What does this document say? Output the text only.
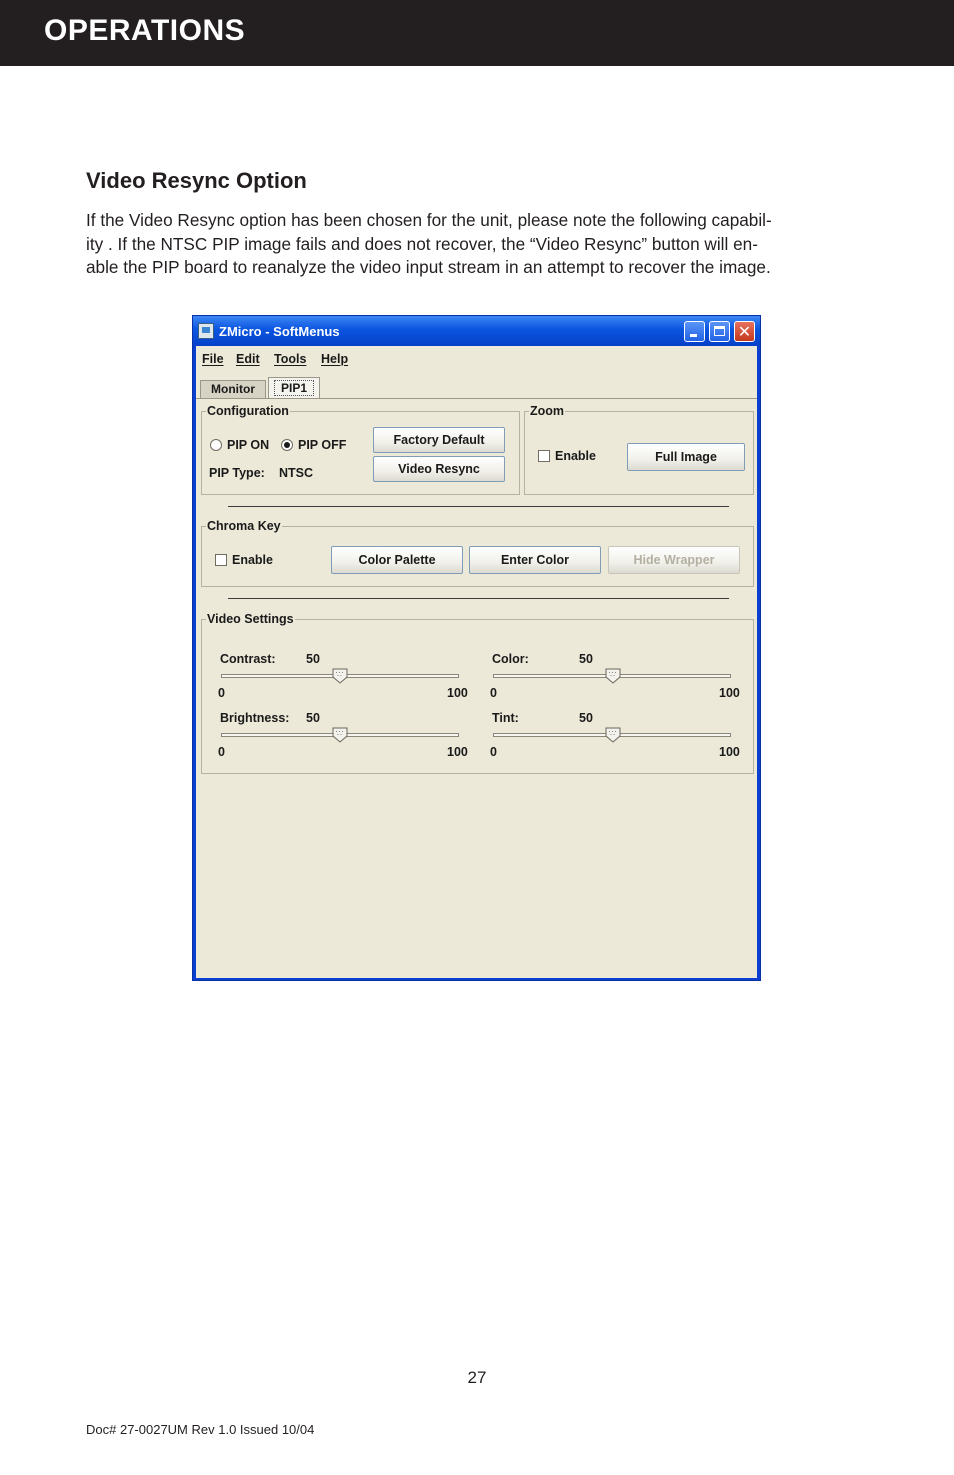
OPERATIONS
Video Resync Option
If the Video Resync option has been chosen for the unit, please note the following capabil-
ity . If the NTSC PIP image fails and does not recover, the “Video Resync” button will en-
able the PIP board to reanalyze the video input stream in an attempt to recover the image.
ZMicro - SoftMenus	✕
File Edit Tools Help
Monitor	PIP1
Configuration
PIP ON PIP OFF
PIP Type: NTSC
Factory Default
Video Resync
Zoom
Enable	Full Image
Chroma Key
Enable	Color Palette	Enter Color	Hide Wrapper
Video Settings
Contrast: 50
0	100
Color:	50
0	100
Brightness: 50
0	100
Tint:	50
0	100
27
Doc# 27-0027UM Rev 1.0 Issued 10/04
